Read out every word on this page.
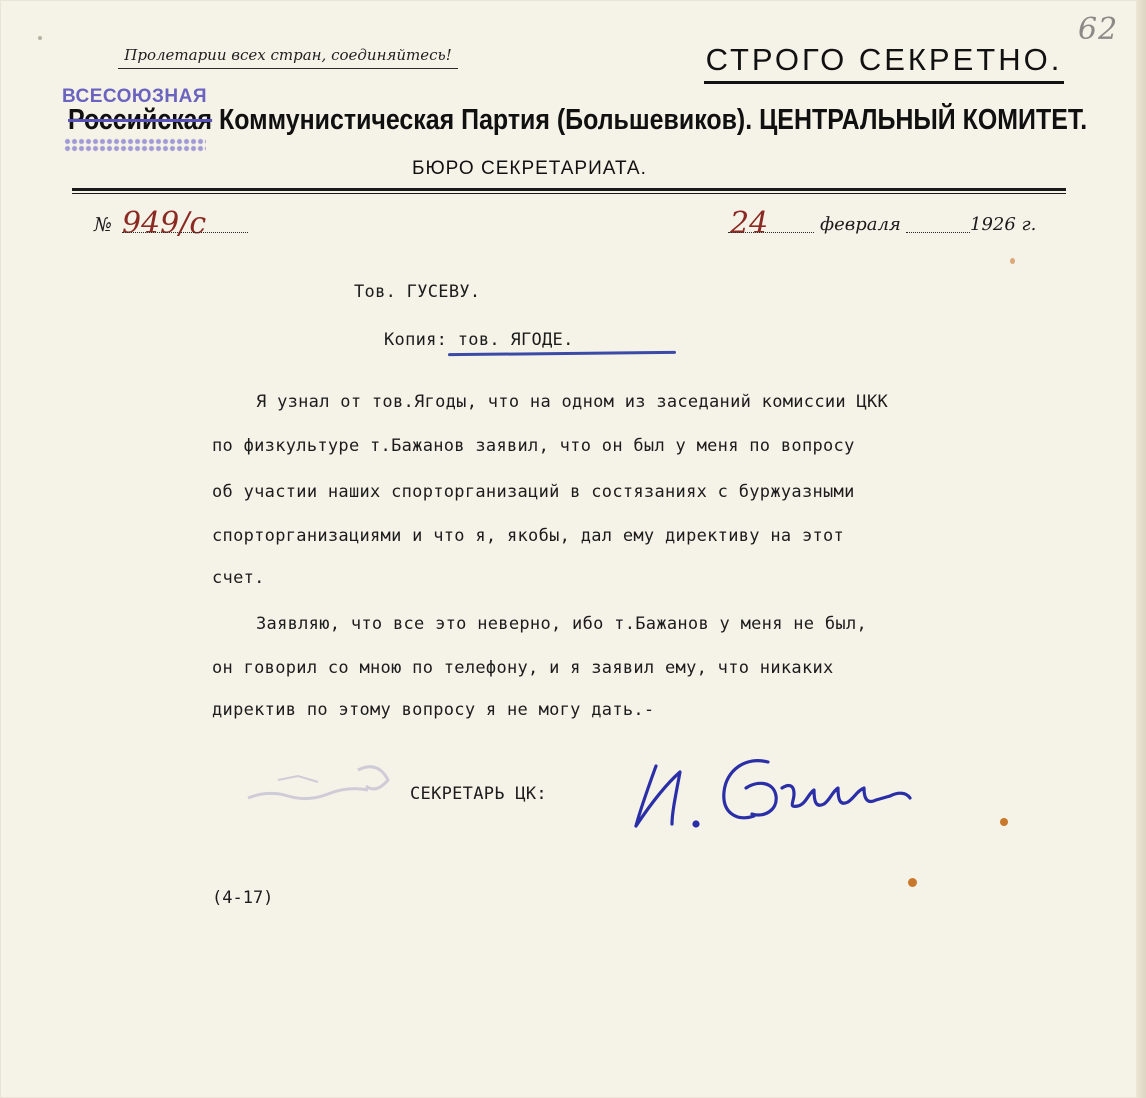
62
Пролетарии всех стран, соединяйтесь!	СТРОГО СЕКРЕТНО.
ВСЕСОЮЗНАЯ
Российская Коммунистическая Партия (Большевиков). ЦЕНТРАЛЬНЫЙ КОМИТЕТ.
БЮРО СЕКРЕТАРИАТА.
№ 949/с	24	февраля	1926 г.
Тов. ГУСЕВУ.
Копия: тов. ЯГОДЕ.
Я узнал от тов.Ягоды, что на одном из заседаний комиссии ЦКК
по физкультуре т.Бажанов заявил, что он был у меня по вопросу
об участии наших спорторганизаций в состязаниях с буржуазными
спорторганизациями и что я, якобы, дал ему директиву на этот
счет.
Заявляю, что все это неверно, ибо т.Бажанов у меня не был,
он говорил со мною по телефону, и я заявил ему, что никаких
директив по этому вопросу я не могу дать.-
СЕКРЕТАРЬ ЦК:
(4-17)
